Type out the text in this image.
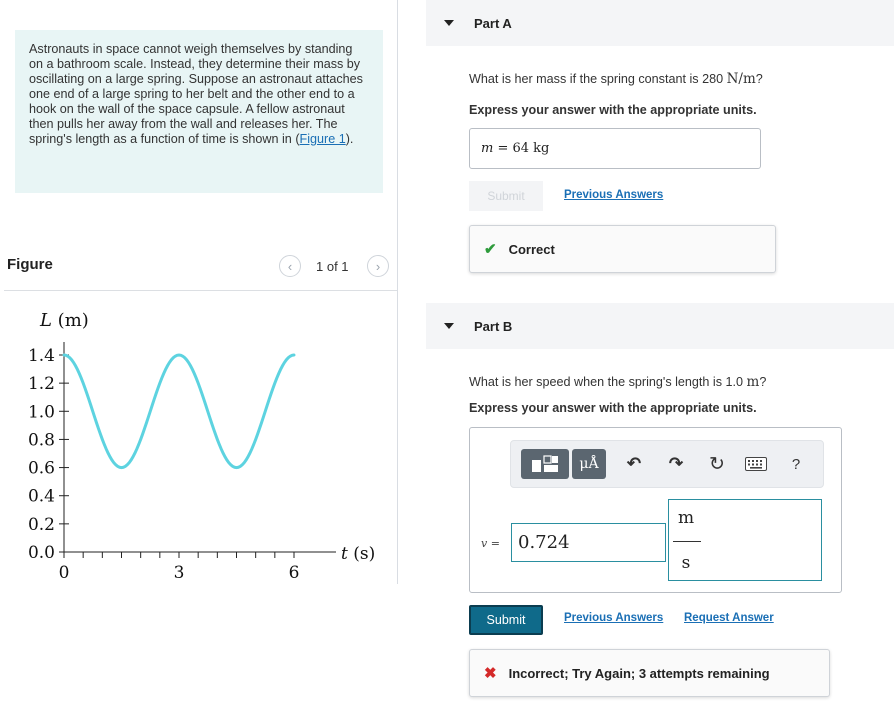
Astronauts in space cannot weigh themselves by standing on a bathroom scale. Instead, they determine their mass by oscillating on a large spring. Suppose an astronaut attaches one end of a large spring to her belt and the other end to a hook on the wall of the space capsule. A fellow astronaut then pulls her away from the wall and releases her. The spring's length as a function of time is shown in (Figure 1).
Figure	‹ 1 of 1 ›
0.0
0.2
0.4
0.6
0.8
1.0
1.2
1.4
0	3	6
L (m)
t (s)
Part A
What is her mass if the spring constant is 280 N/m?
Express your answer with the appropriate units.
m = 64 kg
Submit	Previous Answers
✔ Correct
Part B
What is her speed when the spring's length is 1.0 m?
Express your answer with the appropriate units.
μÅ	↶	↷	↻	?
v =	0.724
m
s
Submit	Previous Answers Request Answer
✖ Incorrect; Try Again; 3 attempts remaining
